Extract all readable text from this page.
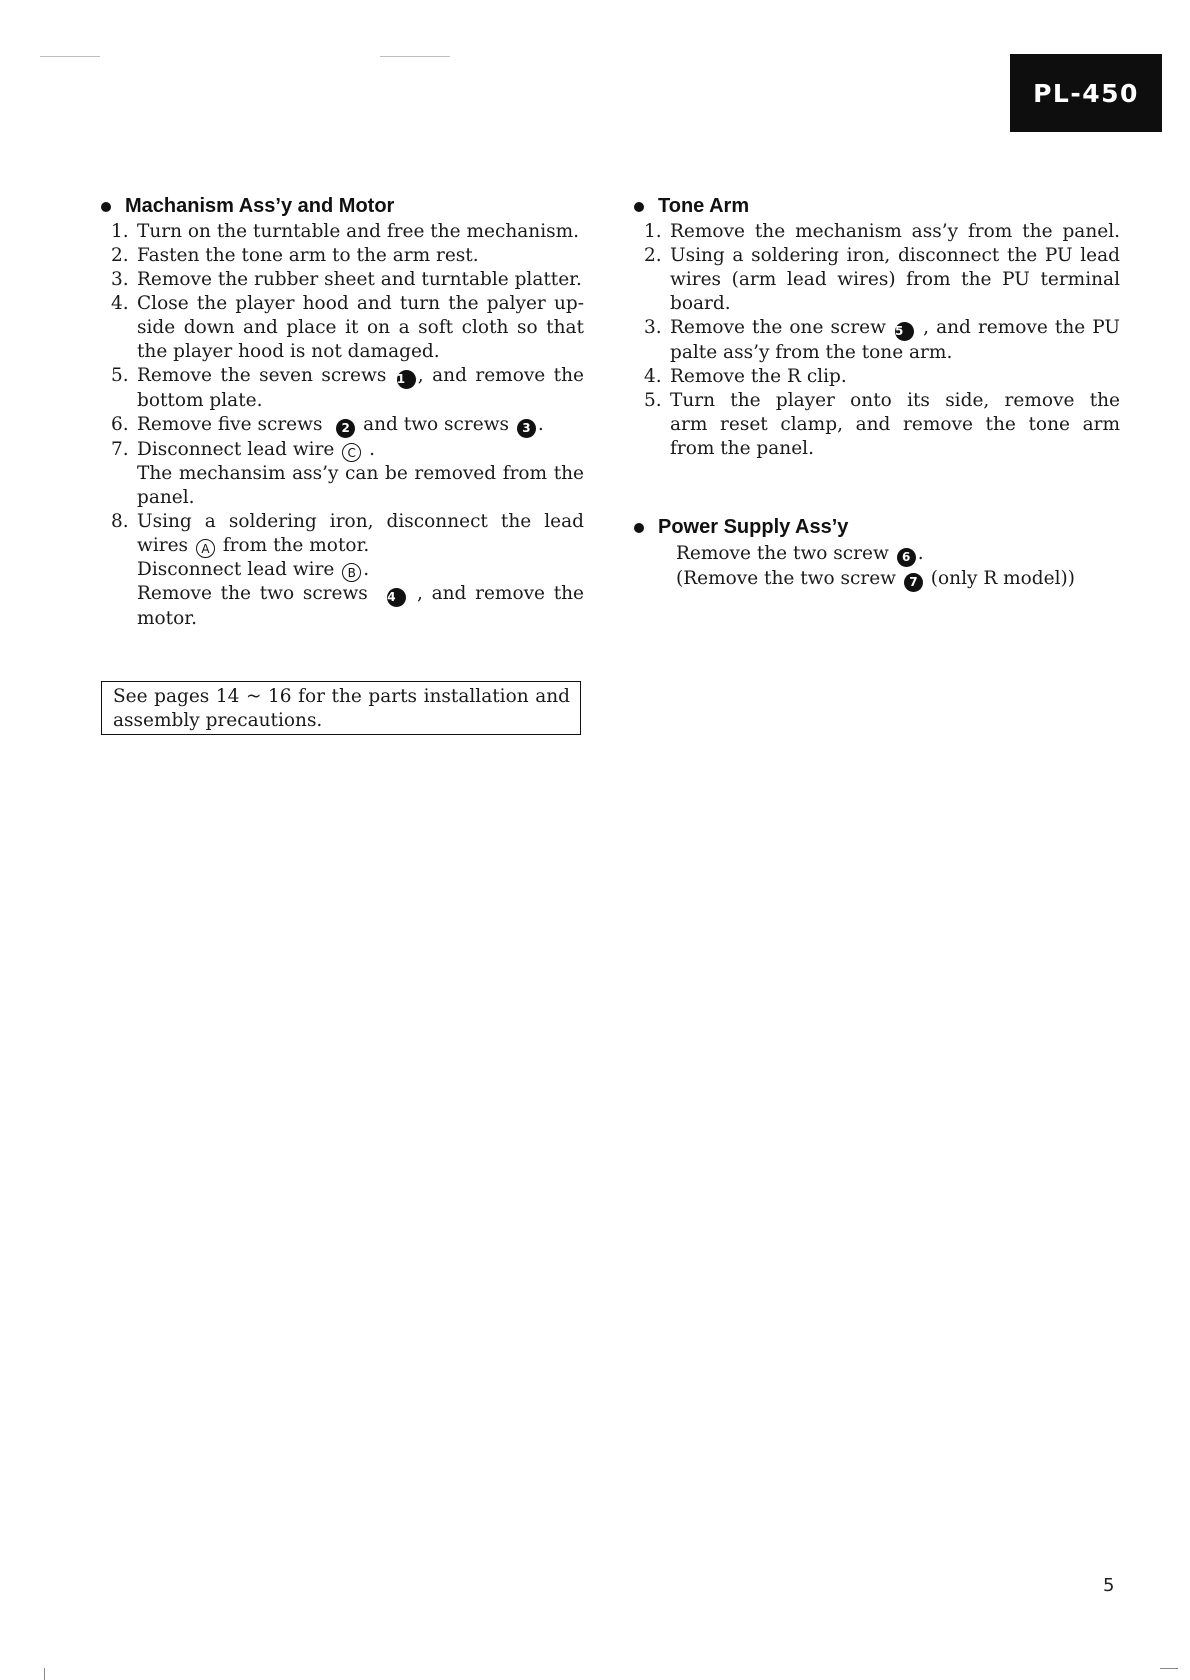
PL-450
Machanism Ass’y and Motor
1. Turn on the turntable and free the mechanism.
2. Fasten the tone arm to the arm rest.
3. Remove the rubber sheet and turntable platter.
4. Close the player hood and turn the palyer up-
side down and place it on a soft cloth so that
the player hood is not damaged.
5. Remove the seven screws 1 , and remove the
bottom plate.
6. Remove five screws 2 and two screws 3 .
7. Disconnect lead wire C .
The mechansim ass’y can be removed from the
panel.
8. Using a soldering iron, disconnect the lead
wires A from the motor.
Disconnect lead wire B .
Remove the two screws 4 , and remove the
motor.
See pages 14 ~ 16 for the parts installation and
assembly precautions.
Tone Arm
1. Remove the mechanism ass’y from the panel.
2. Using a soldering iron, disconnect the PU lead
wires (arm lead wires) from the PU terminal
board.
3. Remove the one screw 5 , and remove the PU
palte ass’y from the tone arm.
4. Remove the R clip.
5. Turn the player onto its side, remove the
arm reset clamp, and remove the tone arm
from the panel.
Power Supply Ass’y
Remove the two screw 6 .
(Remove the two screw 7 (only R model))
5
